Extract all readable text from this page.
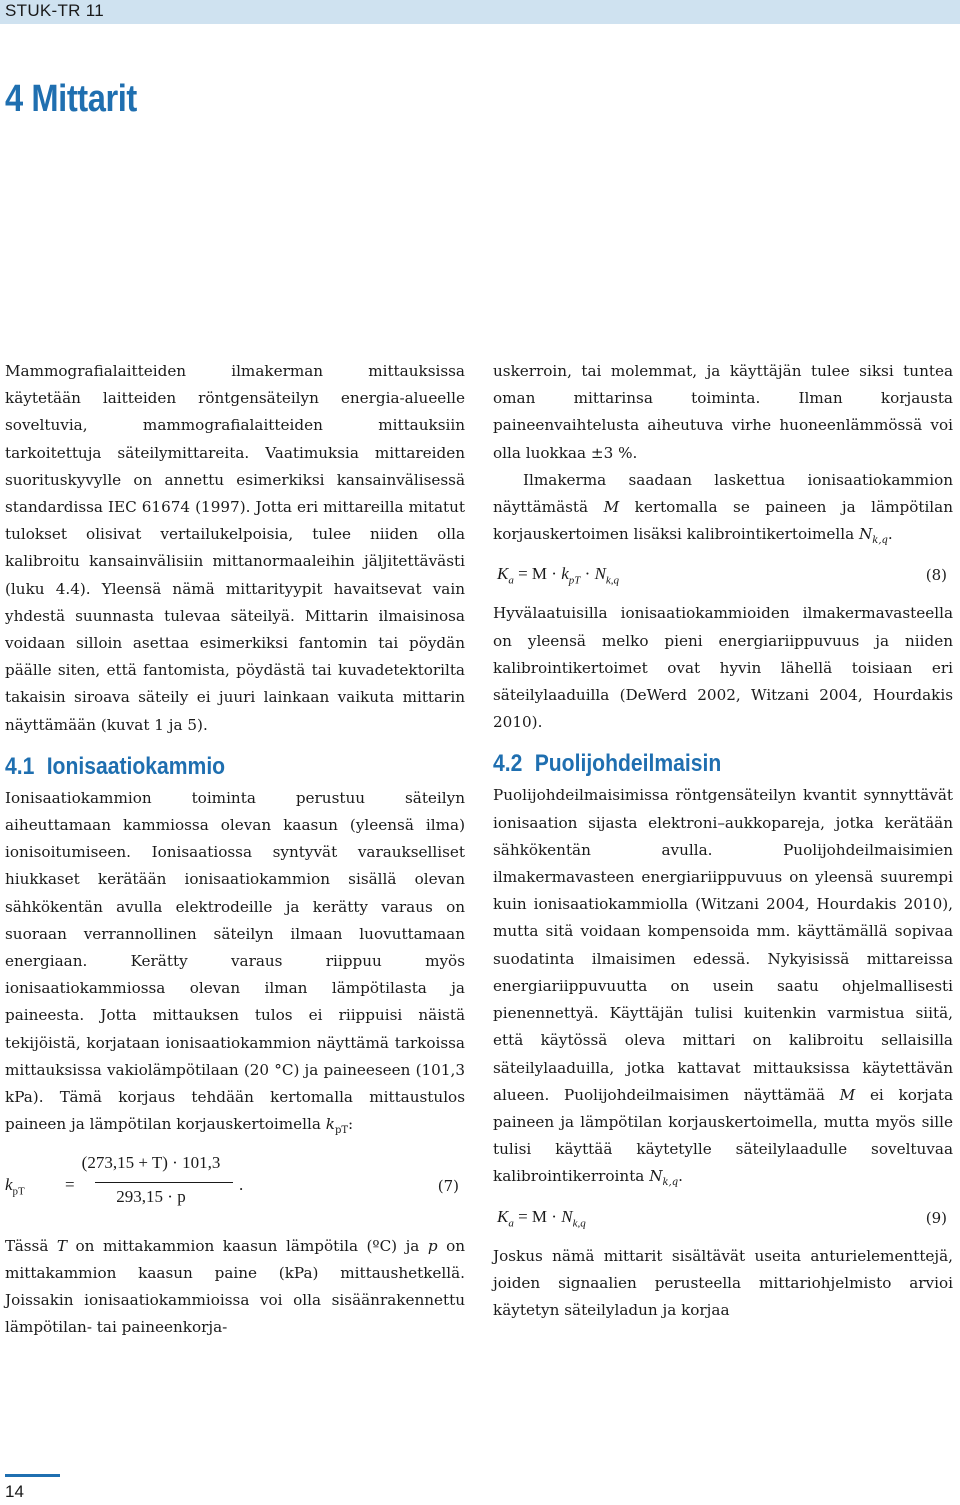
STUK-TR 11
4 Mittarit

Mammografialaitteiden ilmakerman mittauksissa käytetään laitteiden röntgensäteilyn energia-alueelle soveltuvia, mammografialaitteiden mittauksiin tarkoitettuja säteilymittareita. Vaatimuksia mittareiden suorituskyvylle on annettu esimerkiksi kansainvälisessä standardissa IEC 61674 (1997). Jotta eri mittareilla mitatut tulokset olisivat vertailukelpoisia, tulee niiden olla kalibroitu kansainvälisiin mittanormaaleihin jäljitettävästi (luku 4.4). Yleensä nämä mittarityypit havaitsevat vain yhdestä suunnasta tulevaa säteilyä. Mittarin ilmaisinosa voidaan silloin asettaa esimerkiksi fantomin tai pöydän päälle siten, että fantomista, pöydästä tai kuvadetektorilta takaisin siroava säteily ei juuri lainkaan vaikuta mittarin näyttämään (kuvat 1 ja 5).

4.1 Ionisaatiokammio

Ionisaatiokammion toiminta perustuu säteilyn aiheuttamaan kammiossa olevan kaasun (yleensä ilma) ionisoitumiseen. Ionisaatiossa syntyvät varaukselliset hiukkaset kerätään ionisaatiokammion sisällä olevan sähkökentän avulla elektrodeille ja kerätty varaus on suoraan verrannollinen säteilyn ilmaan luovuttamaan energiaan. Kerätty varaus riippuu myös ionisaatiokammiossa olevan ilman lämpötilasta ja paineesta. Jotta mittauksen tulos ei riippuisi näistä tekijöistä, korjataan ionisaatiokammion näyttämä tarkoissa mittauksissa vakiolämpötilaan (20 °C) ja paineeseen (101,3 kPa). Tämä korjaus tehdään kertomalla mittaustulos paineen ja lämpötilan korjauskertoimella $k_{pT}$:

$k_{pT}$ =
(273,15 + T) · 101,3
293,15 · p
.	(7)

Tässä T on mittakammion kaasun lämpötila (ºC) ja p on mittakammion kaasun paine (kPa) mittaushetkellä. Joissakin ionisaatiokammioissa voi olla sisäänrakennettu lämpötilan- tai paineenkorja-

uskerroin, tai molemmat, ja käyttäjän tulee siksi tuntea oman mittarinsa toiminta. Ilman korjausta paineenvaihtelusta aiheutuva virhe huoneenlämmössä voi olla luokkaa ±3 %.

Ilmakerma saadaan laskettua ionisaatiokammion näyttämästä M kertomalla se paineen ja lämpötilan korjauskertoimen lisäksi kalibrointikertoimella $N_{k,q}$.

$K_a = M \cdot k_{pT} \cdot N_{k,q}$	(8)

Hyvälaatuisilla ionisaatiokammioiden ilmakermavasteella on yleensä melko pieni energiariippuvuus ja niiden kalibrointikertoimet ovat hyvin lähellä toisiaan eri säteilylaaduilla (DeWerd 2002, Witzani 2004, Hourdakis 2010).

4.2 Puolijohdeilmaisin

Puolijohdeilmaisimissa röntgensäteilyn kvantit synnyttävät ionisaation sijasta elektroni–aukkopareja, jotka kerätään sähkökentän avulla. Puolijohdeilmaisimien ilmakermavasteen energiariippuvuus on yleensä suurempi kuin ionisaatiokammiolla (Witzani 2004, Hourdakis 2010), mutta sitä voidaan kompensoida mm. käyttämällä sopivaa suodatinta ilmaisimen edessä. Nykyisissä mittareissa energiariippuvuutta on usein saatu ohjelmallisesti pienennettyä. Käyttäjän tulisi kuitenkin varmistua siitä, että käytössä oleva mittari on kalibroitu sellaisilla säteilylaaduilla, jotka kattavat mittauksissa käytettävän alueen. Puolijohdeilmaisimen näyttämää M ei korjata paineen ja lämpötilan korjauskertoimella, mutta myös sille tulisi käyttää käytetylle säteilylaadulle soveltuvaa kalibrointikerrointa $N_{k,q}$.

$K_a = M \cdot N_{k,q}$	(9)

Joskus nämä mittarit sisältävät useita anturielementtejä, joiden signaalien perusteella mittariohjelmisto arvioi käytetyn säteilyladun ja korjaa

14
